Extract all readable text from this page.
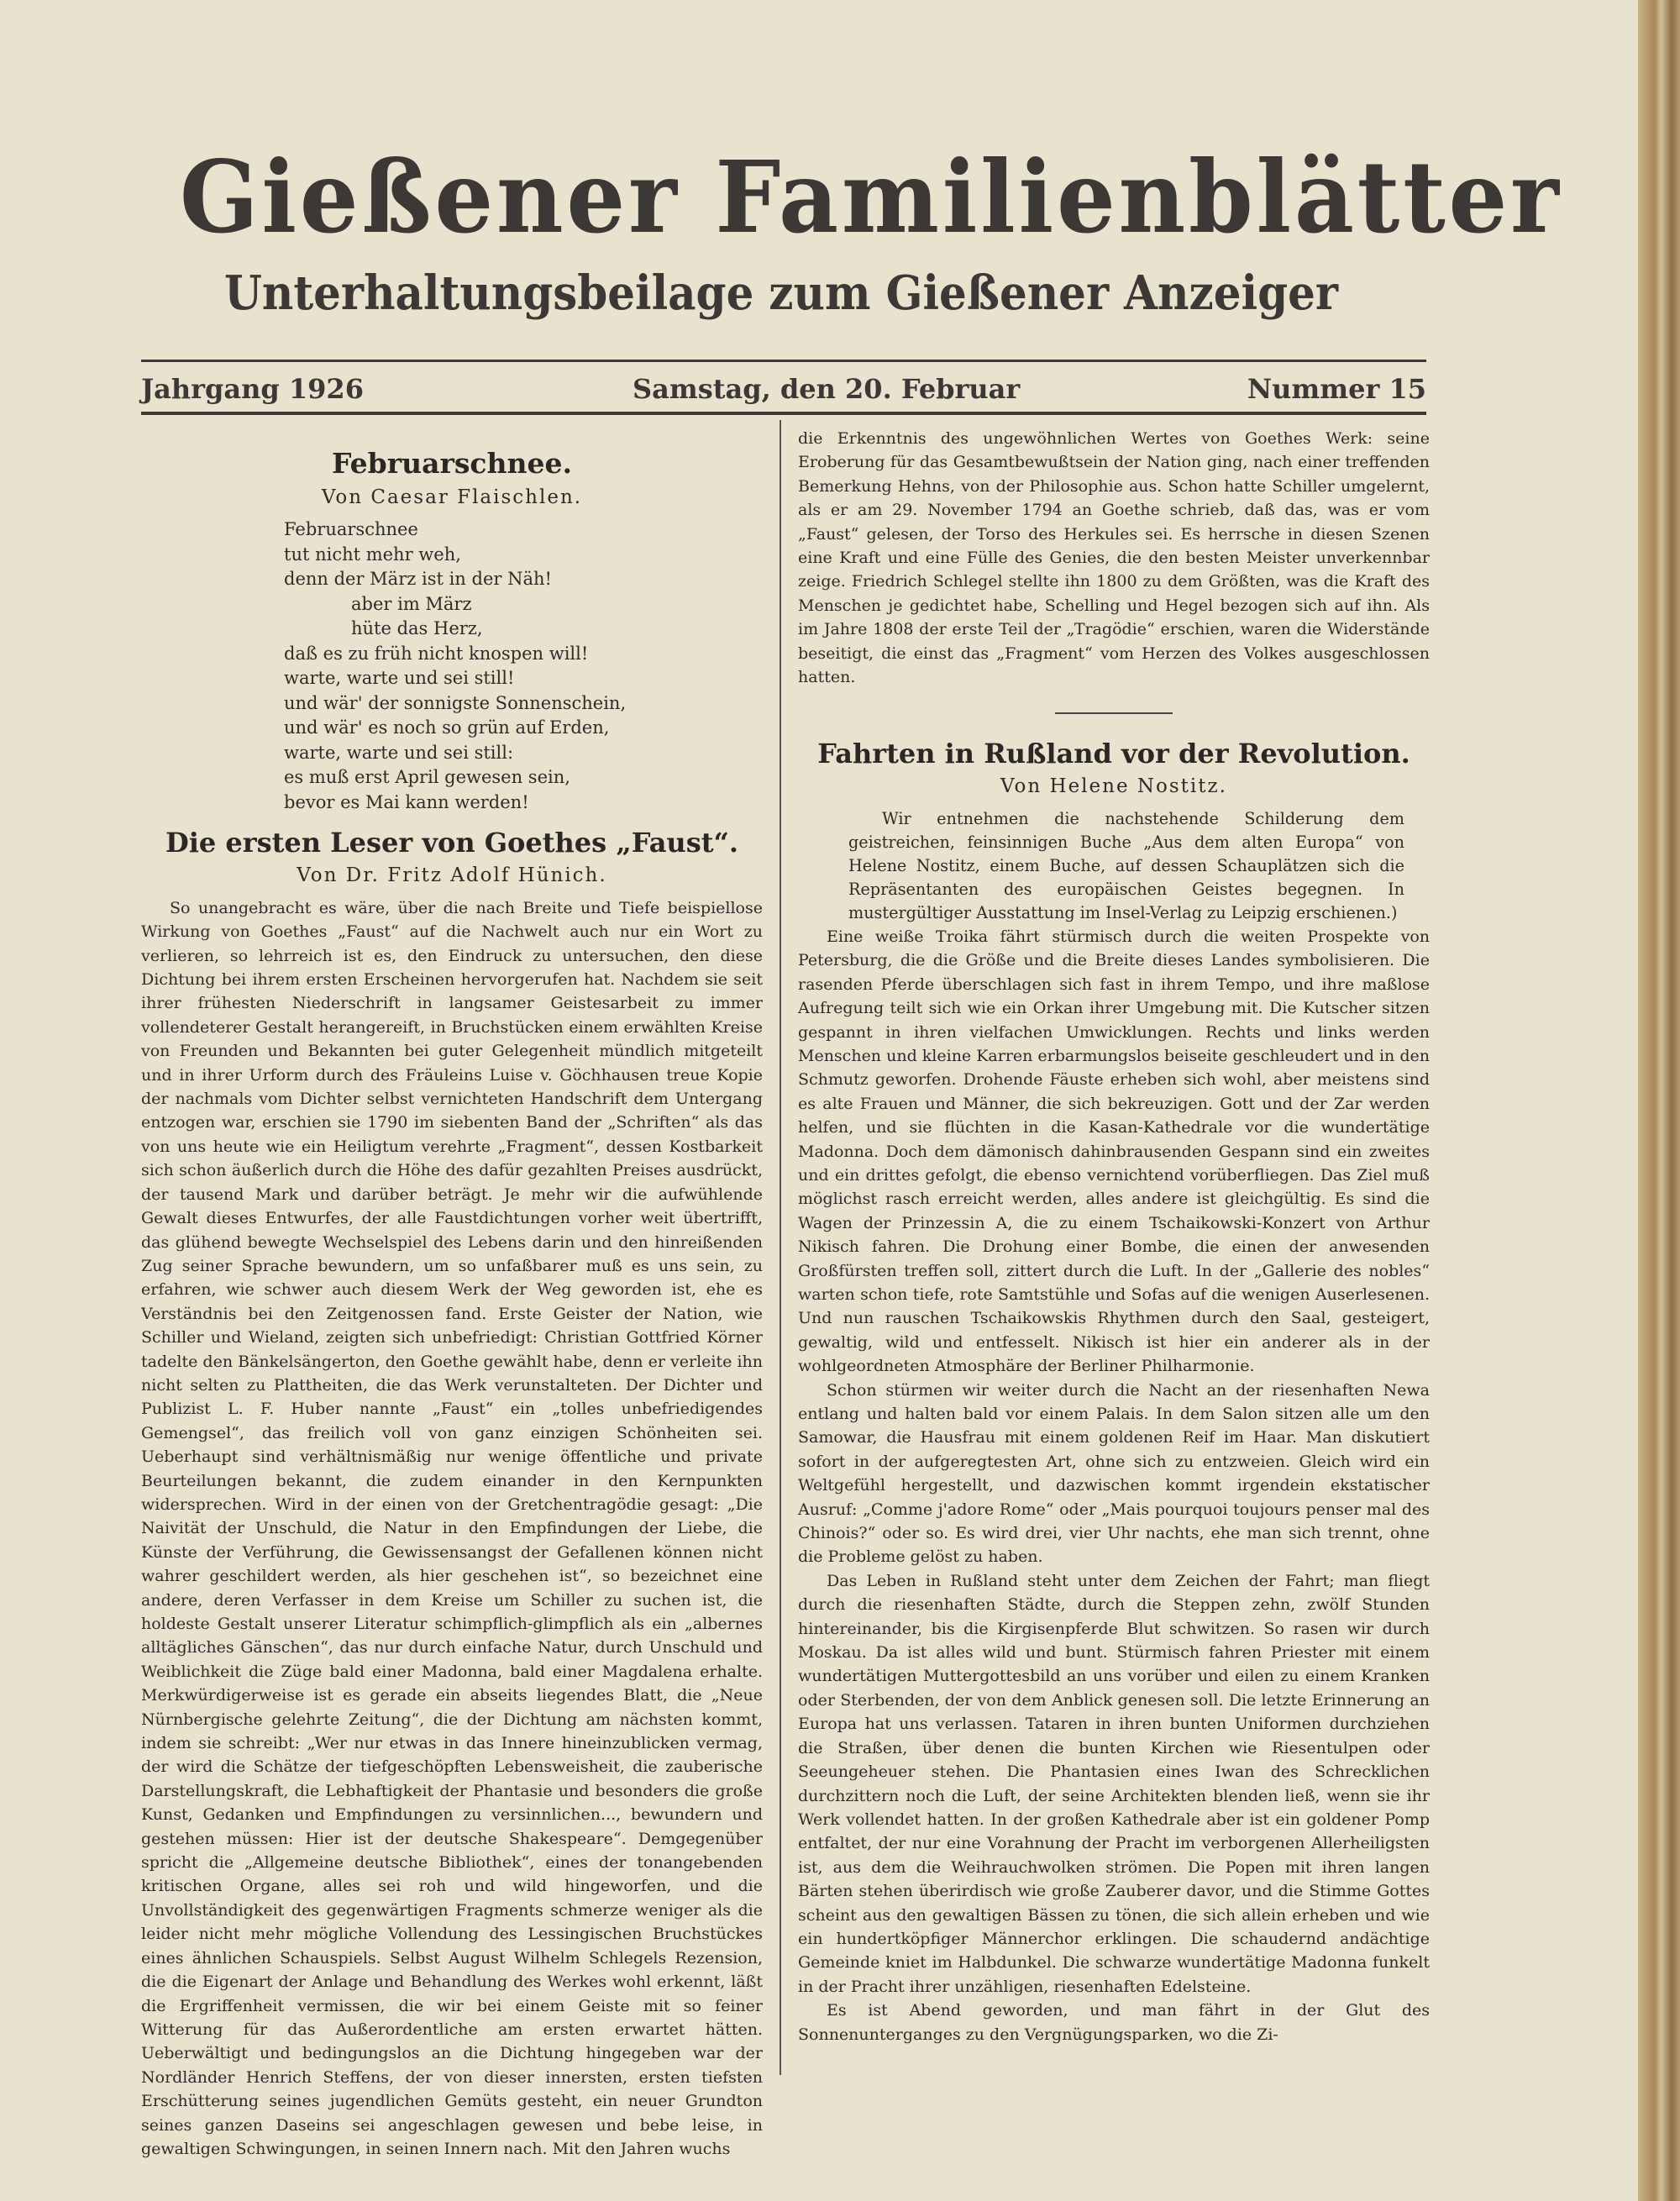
Gießener Familienblätter
Unterhaltungsbeilage zum Gießener Anzeiger
Jahrgang 1926	Samstag, den 20. Februar	Nummer 15
Februarschnee.
Von Caesar Flaischlen.
Februarschnee
tut nicht mehr weh,
denn der März ist in der Näh!
aber im März
hüte das Herz,
daß es zu früh nicht knospen will!
warte, warte und sei still!
und wär' der sonnigste Sonnenschein,
und wär' es noch so grün auf Erden,
warte, warte und sei still:
es muß erst April gewesen sein,
bevor es Mai kann werden!
Die ersten Leser von Goethes „Faust“.
Von Dr. Fritz Adolf Hünich.

So unangebracht es wäre, über die nach Breite und Tiefe beispiellose Wirkung von Goethes „Faust“ auf die Nachwelt auch nur ein Wort zu verlieren, so lehrreich ist es, den Eindruck zu untersuchen, den diese Dichtung bei ihrem ersten Erscheinen hervorgerufen hat. Nachdem sie seit ihrer frühesten Niederschrift in langsamer Geistesarbeit zu immer vollendeterer Gestalt herangereift, in Bruchstücken einem erwählten Kreise von Freunden und Bekannten bei guter Gelegenheit mündlich mitgeteilt und in ihrer Urform durch des Fräuleins Luise v. Göchhausen treue Kopie der nachmals vom Dichter selbst vernichteten Handschrift dem Untergang entzogen war, erschien sie 1790 im siebenten Band der „Schriften“ als das von uns heute wie ein Heiligtum verehrte „Fragment“, dessen Kostbarkeit sich schon äußerlich durch die Höhe des dafür gezahlten Preises ausdrückt, der tausend Mark und darüber beträgt. Je mehr wir die aufwühlende Gewalt dieses Entwurfes, der alle Faustdichtungen vorher weit übertrifft, das glühend bewegte Wechselspiel des Lebens darin und den hinreißenden Zug seiner Sprache bewundern, um so unfaßbarer muß es uns sein, zu erfahren, wie schwer auch diesem Werk der Weg geworden ist, ehe es Verständnis bei den Zeitgenossen fand. Erste Geister der Nation, wie Schiller und Wieland, zeigten sich unbefriedigt: Christian Gottfried Körner tadelte den Bänkelsängerton, den Goethe gewählt habe, denn er verleite ihn nicht selten zu Plattheiten, die das Werk verunstalteten. Der Dichter und Publizist L. F. Huber nannte „Faust“ ein „tolles unbefriedigendes Gemengsel“, das freilich voll von ganz einzigen Schönheiten sei. Ueberhaupt sind verhältnismäßig nur wenige öffentliche und private Beurteilungen bekannt, die zudem einander in den Kernpunkten widersprechen. Wird in der einen von der Gretchentragödie gesagt: „Die Naivität der Unschuld, die Natur in den Empfindungen der Liebe, die Künste der Verführung, die Gewissensangst der Gefallenen können nicht wahrer geschildert werden, als hier geschehen ist“, so bezeichnet eine andere, deren Verfasser in dem Kreise um Schiller zu suchen ist, die holdeste Gestalt unserer Literatur schimpflich-glimpflich als ein „albernes alltägliches Gänschen“, das nur durch einfache Natur, durch Unschuld und Weiblichkeit die Züge bald einer Madonna, bald einer Magdalena erhalte. Merkwürdigerweise ist es gerade ein abseits liegendes Blatt, die „Neue Nürnbergische gelehrte Zeitung“, die der Dichtung am nächsten kommt, indem sie schreibt: „Wer nur etwas in das Innere hineinzublicken vermag, der wird die Schätze der tiefgeschöpften Lebensweisheit, die zauberische Darstellungskraft, die Lebhaftigkeit der Phantasie und besonders die große Kunst, Gedanken und Empfindungen zu versinnlichen..., bewundern und gestehen müssen: Hier ist der deutsche Shakespeare“. Demgegenüber spricht die „Allgemeine deutsche Bibliothek“, eines der tonangebenden kritischen Organe, alles sei roh und wild hingeworfen, und die Unvollständigkeit des gegenwärtigen Fragments schmerze weniger als die leider nicht mehr mögliche Vollendung des Lessingischen Bruchstückes eines ähnlichen Schauspiels. Selbst August Wilhelm Schlegels Rezension, die die Eigenart der Anlage und Behandlung des Werkes wohl erkennt, läßt die Ergriffenheit vermissen, die wir bei einem Geiste mit so feiner Witterung für das Außerordentliche am ersten erwartet hätten. Ueberwältigt und bedingungslos an die Dichtung hingegeben war der Nordländer Henrich Steffens, der von dieser innersten, ersten tiefsten Erschütterung seines jugendlichen Gemüts gesteht, ein neuer Grundton seines ganzen Daseins sei angeschlagen gewesen und bebe leise, in gewaltigen Schwingungen, in seinen Innern nach. Mit den Jahren wuchs

die Erkenntnis des ungewöhnlichen Wertes von Goethes Werk: seine Eroberung für das Gesamtbewußtsein der Nation ging, nach einer treffenden Bemerkung Hehns, von der Philosophie aus. Schon hatte Schiller umgelernt, als er am 29. November 1794 an Goethe schrieb, daß das, was er vom „Faust“ gelesen, der Torso des Herkules sei. Es herrsche in diesen Szenen eine Kraft und eine Fülle des Genies, die den besten Meister unverkennbar zeige. Friedrich Schlegel stellte ihn 1800 zu dem Größten, was die Kraft des Menschen je gedichtet habe, Schelling und Hegel bezogen sich auf ihn. Als im Jahre 1808 der erste Teil der „Tragödie“ erschien, waren die Widerstände beseitigt, die einst das „Fragment“ vom Herzen des Volkes ausgeschlossen hatten.

Fahrten in Rußland vor der Revolution.
Von Helene Nostitz.

Wir entnehmen die nachstehende Schilderung dem geistreichen, feinsinnigen Buche „Aus dem alten Europa“ von Helene Nostitz, einem Buche, auf dessen Schauplätzen sich die Repräsentanten des europäischen Geistes begegnen. In mustergültiger Ausstattung im Insel-Verlag zu Leipzig erschienen.)

Eine weiße Troika fährt stürmisch durch die weiten Prospekte von Petersburg, die die Größe und die Breite dieses Landes symbolisieren. Die rasenden Pferde überschlagen sich fast in ihrem Tempo, und ihre maßlose Aufregung teilt sich wie ein Orkan ihrer Umgebung mit. Die Kutscher sitzen gespannt in ihren vielfachen Umwicklungen. Rechts und links werden Menschen und kleine Karren erbarmungslos beiseite geschleudert und in den Schmutz geworfen. Drohende Fäuste erheben sich wohl, aber meistens sind es alte Frauen und Männer, die sich bekreuzigen. Gott und der Zar werden helfen, und sie flüchten in die Kasan-Kathedrale vor die wundertätige Madonna. Doch dem dämonisch dahinbrausenden Gespann sind ein zweites und ein drittes gefolgt, die ebenso vernichtend vorüberfliegen. Das Ziel muß möglichst rasch erreicht werden, alles andere ist gleichgültig. Es sind die Wagen der Prinzessin A, die zu einem Tschaikowski-Konzert von Arthur Nikisch fahren. Die Drohung einer Bombe, die einen der anwesenden Großfürsten treffen soll, zittert durch die Luft. In der „Gallerie des nobles“ warten schon tiefe, rote Samtstühle und Sofas auf die wenigen Auserlesenen. Und nun rauschen Tschaikowskis Rhythmen durch den Saal, gesteigert, gewaltig, wild und entfesselt. Nikisch ist hier ein anderer als in der wohlgeordneten Atmosphäre der Berliner Philharmonie.

Schon stürmen wir weiter durch die Nacht an der riesenhaften Newa entlang und halten bald vor einem Palais. In dem Salon sitzen alle um den Samowar, die Hausfrau mit einem goldenen Reif im Haar. Man diskutiert sofort in der aufgeregtesten Art, ohne sich zu entzweien. Gleich wird ein Weltgefühl hergestellt, und dazwischen kommt irgendein ekstatischer Ausruf: „Comme j'adore Rome“ oder „Mais pourquoi toujours penser mal des Chinois?“ oder so. Es wird drei, vier Uhr nachts, ehe man sich trennt, ohne die Probleme gelöst zu haben.

Das Leben in Rußland steht unter dem Zeichen der Fahrt; man fliegt durch die riesenhaften Städte, durch die Steppen zehn, zwölf Stunden hintereinander, bis die Kirgisenpferde Blut schwitzen. So rasen wir durch Moskau. Da ist alles wild und bunt. Stürmisch fahren Priester mit einem wundertätigen Muttergottesbild an uns vorüber und eilen zu einem Kranken oder Sterbenden, der von dem Anblick genesen soll. Die letzte Erinnerung an Europa hat uns verlassen. Tataren in ihren bunten Uniformen durchziehen die Straßen, über denen die bunten Kirchen wie Riesentulpen oder Seeungeheuer stehen. Die Phantasien eines Iwan des Schrecklichen durchzittern noch die Luft, der seine Architekten blenden ließ, wenn sie ihr Werk vollendet hatten. In der großen Kathedrale aber ist ein goldener Pomp entfaltet, der nur eine Vorahnung der Pracht im verborgenen Allerheiligsten ist, aus dem die Weihrauchwolken strömen. Die Popen mit ihren langen Bärten stehen überirdisch wie große Zauberer davor, und die Stimme Gottes scheint aus den gewaltigen Bässen zu tönen, die sich allein erheben und wie ein hundertköpfiger Männerchor erklingen. Die schaudernd andächtige Gemeinde kniet im Halbdunkel. Die schwarze wundertätige Madonna funkelt in der Pracht ihrer unzähligen, riesenhaften Edelsteine.

Es ist Abend geworden, und man fährt in der Glut des Sonnenunterganges zu den Vergnügungsparken, wo die Zi-
